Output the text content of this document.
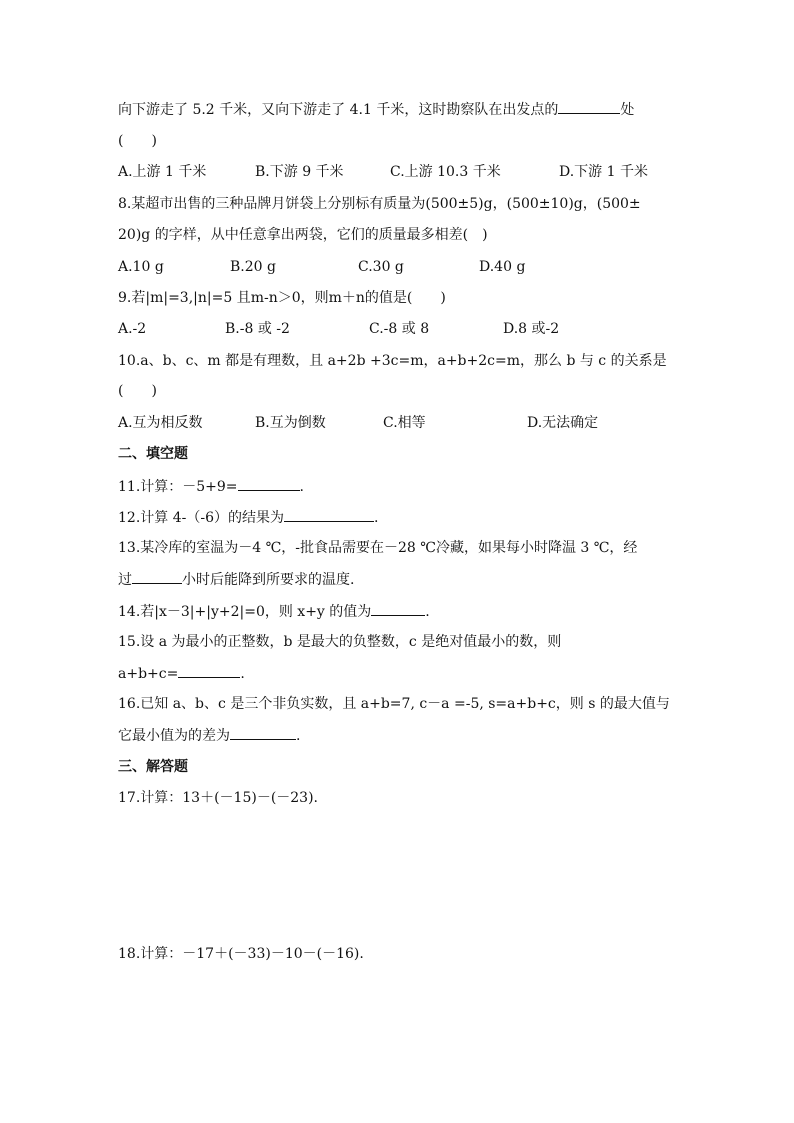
向下游走了 5.2 千米，又向下游走了 4.1 千米，这时勘察队在出发点的	处
(　　)
A.上游 1 千米	B.下游 9 千米	C.上游 10.3 千米	D.下游 1 千米
8.某超市出售的三种品牌月饼袋上分别标有质量为(500±5)g，(500±10)g，(500±
20)g 的字样，从中任意拿出两袋，它们的质量最多相差(　)
A.10 g	B.20 g	C.30 g	D.40 g
9.若|m|=3,|n|=5 且m-n＞0，则m＋n的值是(　　)
A.-2	B.-8 或 -2	C.-8 或 8	D.8 或-2
10.a、b、c、m 都是有理数，且 a+2b +3c=m，a+b+2c=m，那么 b 与 c 的关系是
(　　)
A.互为相反数	B.互为倒数	C.相等	D.无法确定
二、填空题
11.计算：－5+9=	.
12.计算 4-（-6）的结果为	.
13.某冷库的室温为－4 ℃，-批食品需要在－28 ℃冷藏，如果每小时降温 3 ℃，经
过	小时后能降到所要求的温度.
14.若|x－3|+|y+2|=0，则 x+y 的值为	.
15.设 a 为最小的正整数，b 是最大的负整数，c 是绝对值最小的数，则
a+b+c=	.
16.已知 a、b、c 是三个非负实数，且 a+b=7, c－a =-5, s=a+b+c，则 s 的最大值与
它最小值为的差为	.
三、解答题
17.计算：13＋(－15)－(－23).
18.计算：－17＋(－33)－10－(－16).
